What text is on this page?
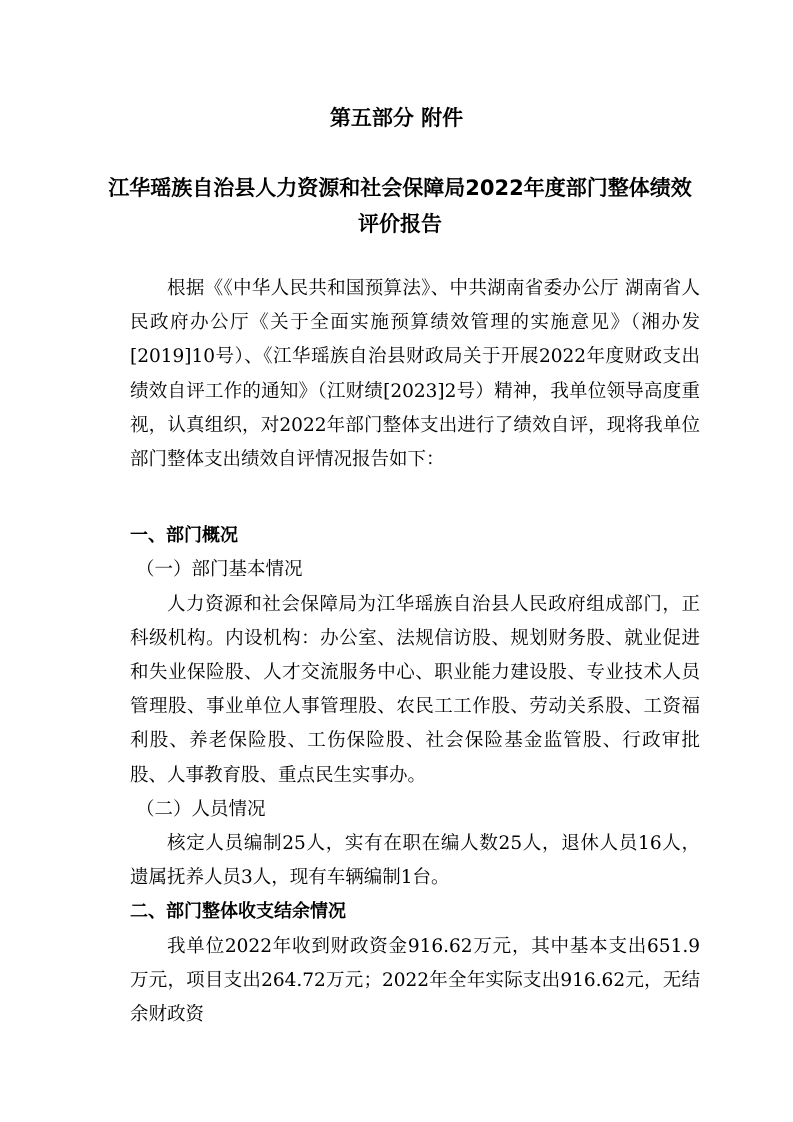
第五部分 附件
江华瑶族自治县人力资源和社会保障局2022年度部门整体绩效评价报告

根据《《中华人民共和国预算法》、中共湖南省委办公厅 湖南省人民政府办公厅《关于全面实施预算绩效管理的实施意见》（湘办发[2019]10号）、《江华瑶族自治县财政局关于开展2022年度财政支出绩效自评工作的通知》（江财绩[2023]2号）精神，我单位领导高度重视，认真组织，对2022年部门整体支出进行了绩效自评，现将我单位部门整体支出绩效自评情况报告如下：

一、部门概况

（一）部门基本情况

人力资源和社会保障局为江华瑶族自治县人民政府组成部门，正科级机构。内设机构：办公室、法规信访股、规划财务股、就业促进和失业保险股、人才交流服务中心、职业能力建设股、专业技术人员管理股、事业单位人事管理股、农民工工作股、劳动关系股、工资福利股、养老保险股、工伤保险股、社会保险基金监管股、行政审批股、人事教育股、重点民生实事办。

（二）人员情况

核定人员编制25人，实有在职在编人数25人，退休人员16人，遗属抚养人员3人，现有车辆编制1台。

二、部门整体收支结余情况

我单位2022年收到财政资金916.62万元，其中基本支出651.9万元，项目支出264.72万元；2022年全年实际支出916.62元，无结余财政资
